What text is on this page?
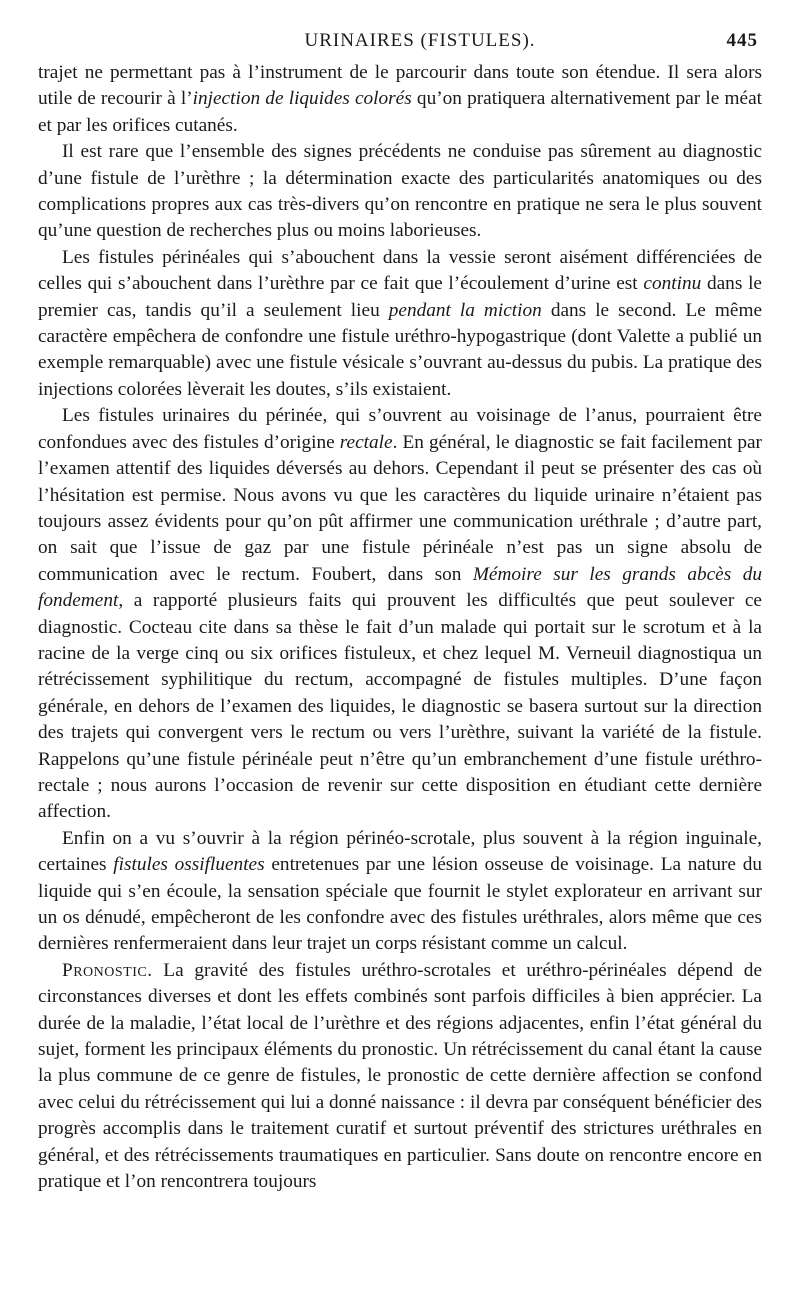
URINAIRES (FISTULES).	445

trajet ne permettant pas à l’instrument de le parcourir dans toute son étendue. Il sera alors utile de recourir à l’injection de liquides colorés qu’on pratiquera alternativement par le méat et par les orifices cutanés.

Il est rare que l’ensemble des signes précédents ne conduise pas sûrement au diagnostic d’une fistule de l’urèthre ; la détermination exacte des particularités anatomiques ou des complications propres aux cas très-divers qu’on rencontre en pratique ne sera le plus souvent qu’une question de recherches plus ou moins laborieuses.

Les fistules périnéales qui s’abouchent dans la vessie seront aisément différenciées de celles qui s’abouchent dans l’urèthre par ce fait que l’écoulement d’urine est continu dans le premier cas, tandis qu’il a seulement lieu pendant la miction dans le second. Le même caractère empêchera de confondre une fistule uréthro-hypogastrique (dont Valette a publié un exemple remarquable) avec une fistule vésicale s’ouvrant au-dessus du pubis. La pratique des injections colorées lèverait les doutes, s’ils existaient.

Les fistules urinaires du périnée, qui s’ouvrent au voisinage de l’anus, pourraient être confondues avec des fistules d’origine rectale. En général, le diagnostic se fait facilement par l’examen attentif des liquides déversés au dehors. Cependant il peut se présenter des cas où l’hésitation est permise. Nous avons vu que les caractères du liquide urinaire n’étaient pas toujours assez évidents pour qu’on pût affirmer une communication uréthrale ; d’autre part, on sait que l’issue de gaz par une fistule périnéale n’est pas un signe absolu de communication avec le rectum. Foubert, dans son Mémoire sur les grands abcès du fondement, a rapporté plusieurs faits qui prouvent les difficultés que peut soulever ce diagnostic. Cocteau cite dans sa thèse le fait d’un malade qui portait sur le scrotum et à la racine de la verge cinq ou six orifices fistuleux, et chez lequel M. Verneuil diagnostiqua un rétrécissement syphilitique du rectum, accompagné de fistules multiples. D’une façon générale, en dehors de l’examen des liquides, le diagnostic se basera surtout sur la direction des trajets qui convergent vers le rectum ou vers l’urèthre, suivant la variété de la fistule. Rappelons qu’une fistule périnéale peut n’être qu’un embranchement d’une fistule uréthro-rectale ; nous aurons l’occasion de revenir sur cette disposition en étudiant cette dernière affection.

Enfin on a vu s’ouvrir à la région périnéo-scrotale, plus souvent à la région inguinale, certaines fistules ossifluentes entretenues par une lésion osseuse de voisinage. La nature du liquide qui s’en écoule, la sensation spéciale que fournit le stylet explorateur en arrivant sur un os dénudé, empêcheront de les confondre avec des fistules uréthrales, alors même que ces dernières renfermeraient dans leur trajet un corps résistant comme un calcul.

Pronostic. La gravité des fistules uréthro-scrotales et uréthro-périnéales dépend de circonstances diverses et dont les effets combinés sont parfois difficiles à bien apprécier. La durée de la maladie, l’état local de l’urèthre et des régions adjacentes, enfin l’état général du sujet, forment les principaux éléments du pronostic. Un rétrécissement du canal étant la cause la plus commune de ce genre de fistules, le pronostic de cette dernière affection se confond avec celui du rétrécissement qui lui a donné naissance : il devra par conséquent bénéficier des progrès accomplis dans le traitement curatif et surtout préventif des strictures uréthrales en général, et des rétrécissements traumatiques en particulier. Sans doute on rencontre encore en pratique et l’on rencontrera toujours
